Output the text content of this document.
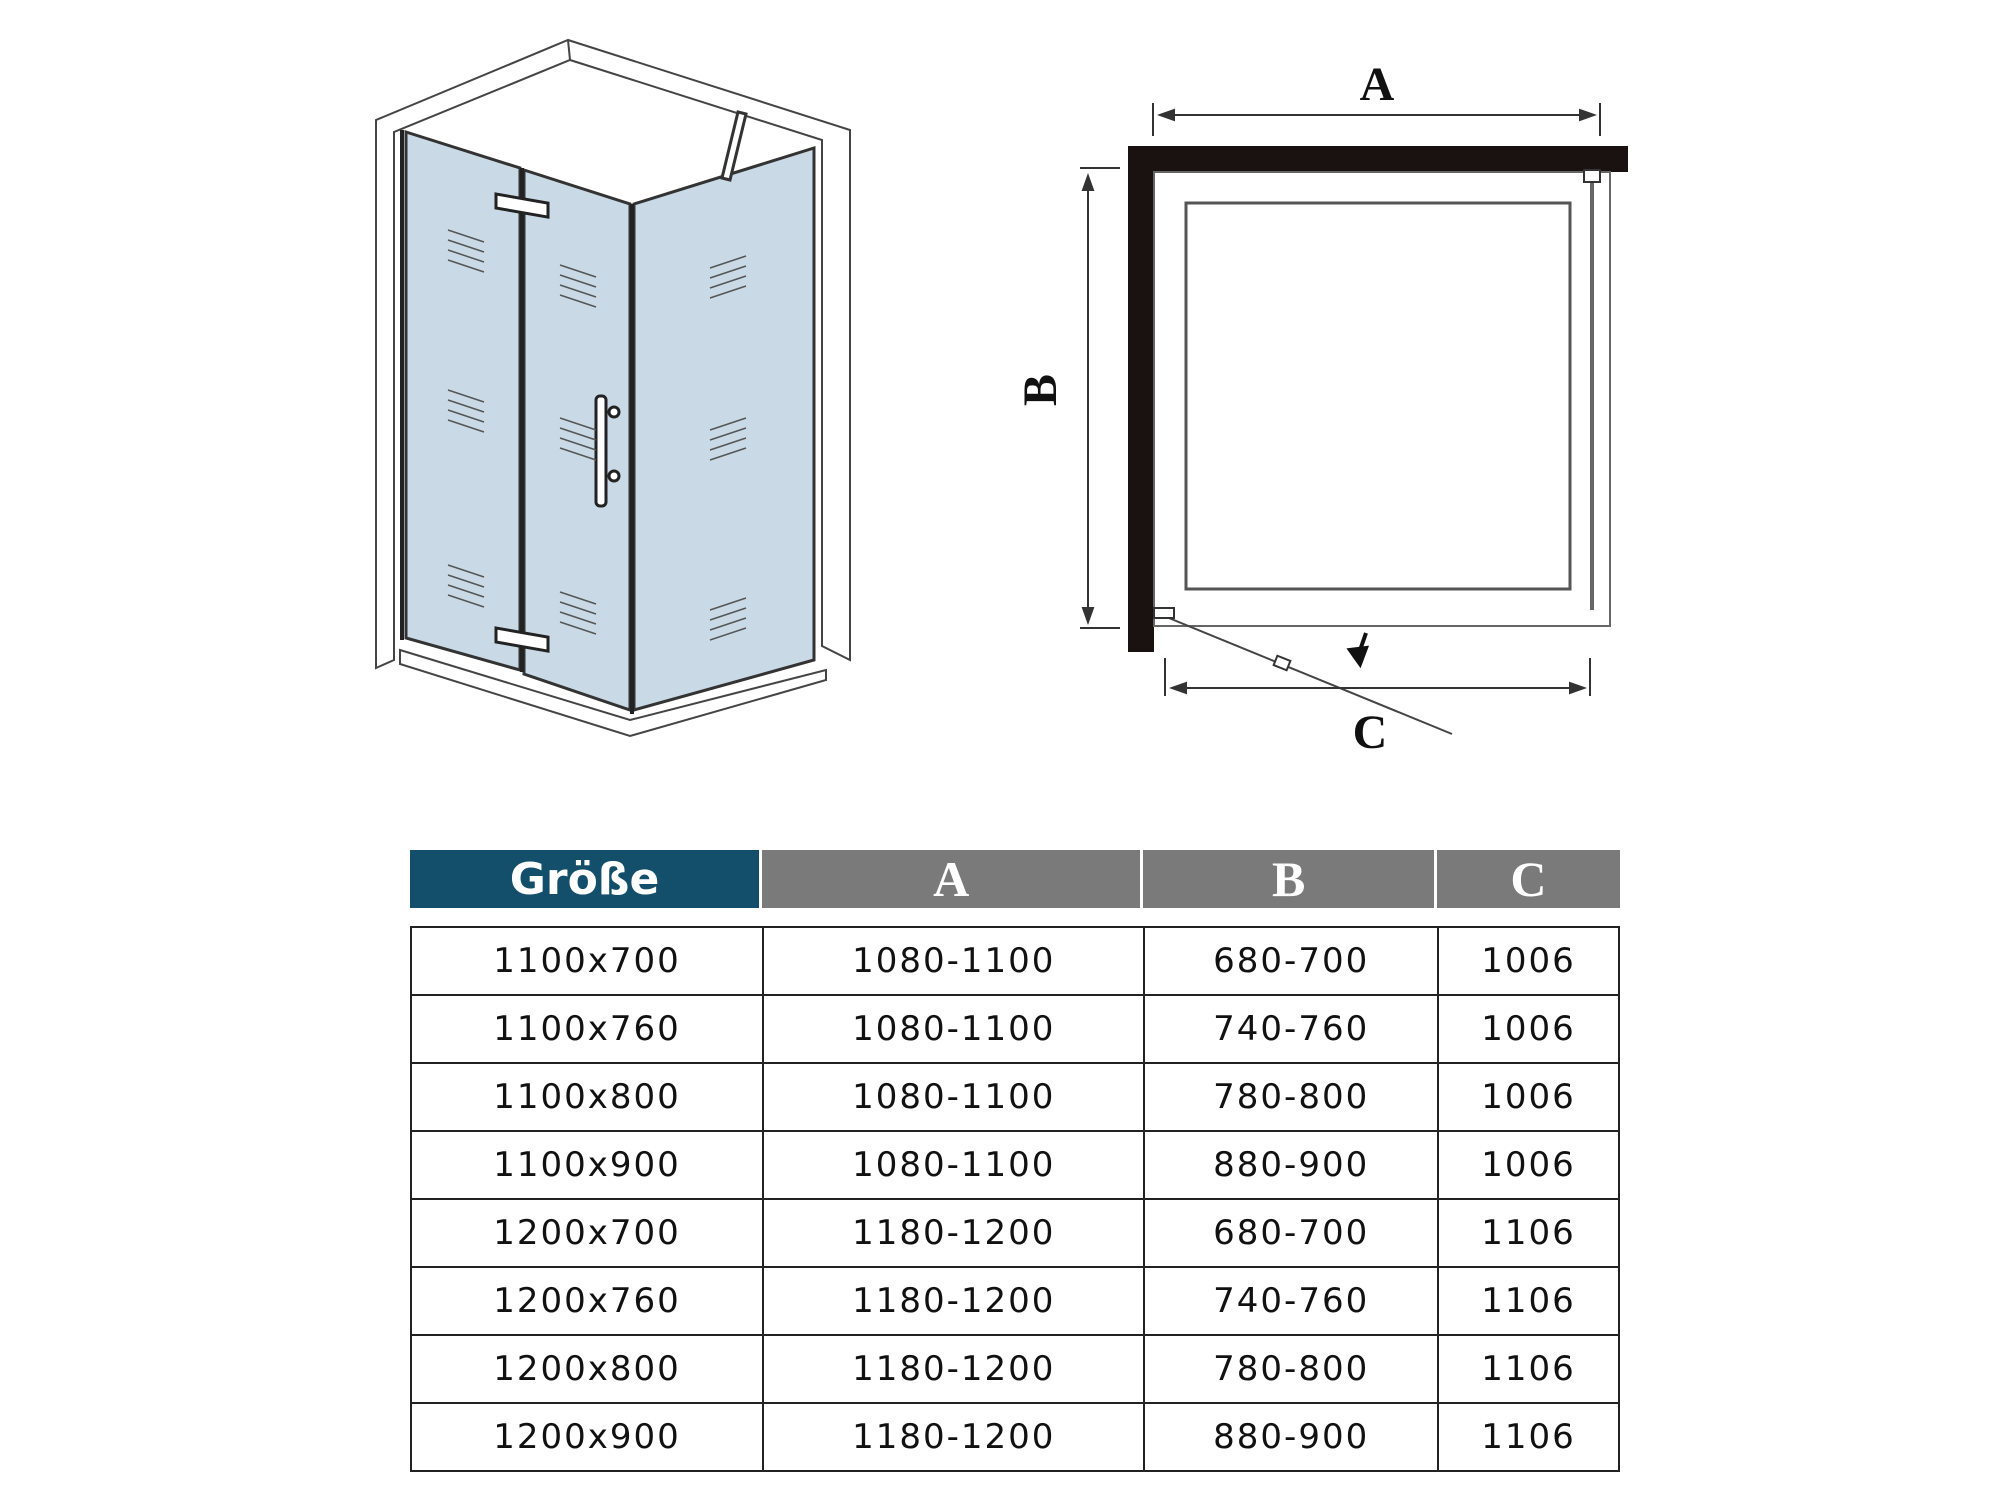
A
B
C
Größe	A	B	C

1100x700	1080-1100	680-700	1006
1100x760	1080-1100	740-760	1006
1100x800	1080-1100	780-800	1006
1100x900	1080-1100	880-900	1006
1200x700	1180-1200	680-700	1106
1200x760	1180-1200	740-760	1106
1200x800	1180-1200	780-800	1106
1200x900	1180-1200	880-900	1106
